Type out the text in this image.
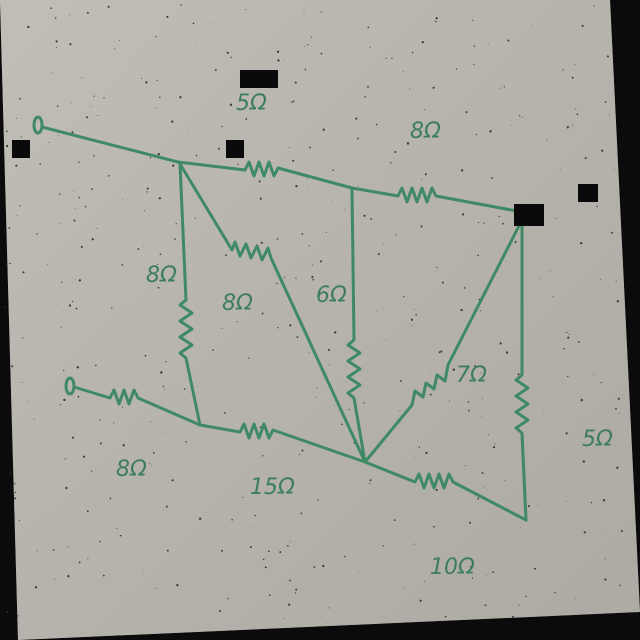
5Ω
8Ω
8Ω
8Ω	6Ω
7Ω
5Ω
8Ω
15Ω
10Ω
